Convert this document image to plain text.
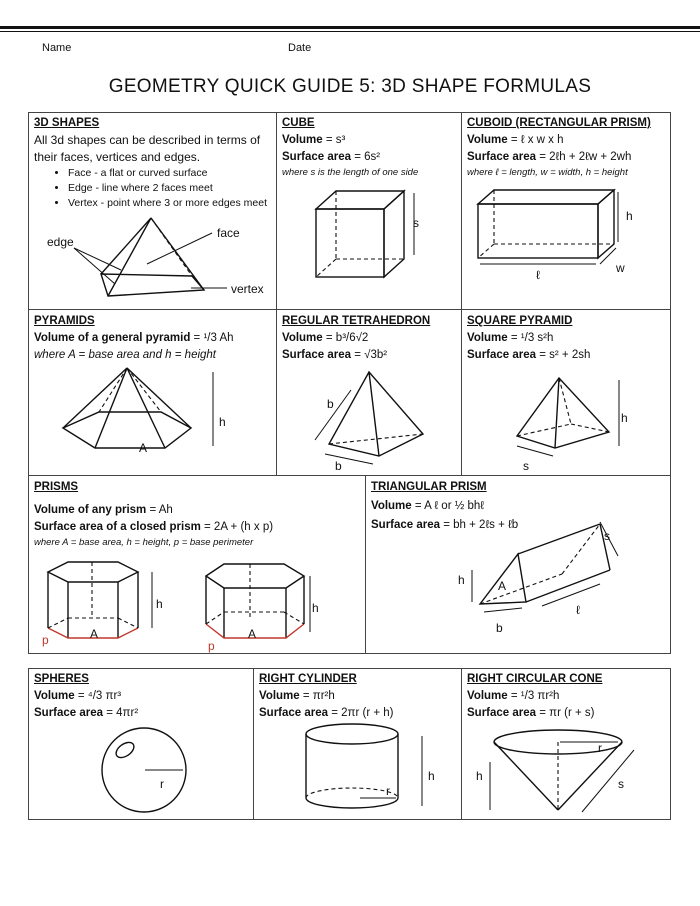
Name	Date
GEOMETRY QUICK GUIDE 5: 3D SHAPE FORMULAS
3D SHAPES
All 3d shapes can be described in terms of their faces, vertices and edges.
• Face - a flat or curved surface
• Edge - line where 2 faces meet
• Vertex - point where 3 or more edges meet
edge
face
vertex
CUBE
Volume = s³
Surface area = 6s²
where s is the length of one side
s
CUBOID (RECTANGULAR PRISM)
Volume = ℓ x w x h
Surface area = 2ℓh + 2ℓw + 2wh
where ℓ = length, w = width, h = height
h
ℓ	w
PYRAMIDS
Volume of a general pyramid = ¹/3 Ah
where A = base area and h = height
h
A
REGULAR TETRAHEDRON
Volume = b³/6√2
Surface area = √3b²
b
b
SQUARE PYRAMID
Volume = ¹/3 s²h
Surface area = s² + 2sh
h
s
PRISMS
Volume of any prism = Ah
Surface area of a closed prism = 2A + (h x p)
where A = base area, h = height, p = base perimeter
h
A
p
h
A
p
TRIANGULAR PRISM
Volume = A ℓ or ½ bhℓ
Surface area = bh + 2ℓs + ℓb
h	A
b
ℓ
s
SPHERES
Volume = ⁴/3 πr³
Surface area = 4πr²
r
RIGHT CYLINDER
Volume = πr²h
Surface area = 2πr (r + h)
h
r
RIGHT CIRCULAR CONE
Volume = ¹/3 πr²h
Surface area = πr (r + s)
h
r
s
